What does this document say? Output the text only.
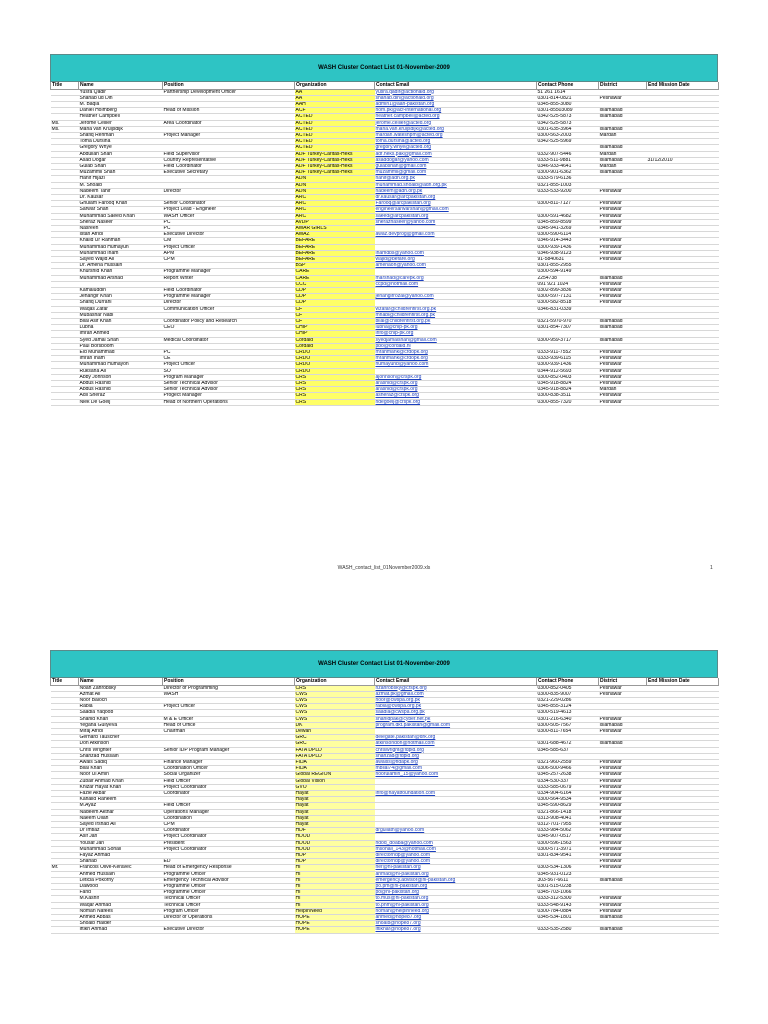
WASH Cluster Contact List 01-November-2009
Title	Name	Position	Organization	Contact Email	Contact Phone	District	End Mission Date
	Yusra Qadir	Partnership Development Officer	AA	yusra.qadir@actionaid.org	51 261 1614		
	Shahab ud Din		AA	shahab.din@actionaid.org	0301-814-0821	Peshawar	
	M. Baqia		AAH	admin1@aah-pakistan.org	0345-855-3080		
	Daniel Holmberg	Head of Mission	ACF	hom.pk@acf-international.org	0301-85503089	Islamabad	
	Heather Campbell		ACTED	heather.campbell@acted.org	0342-525-5873	Islamabad	
Ms.	Jerome Cellier	Area Coordinator	ACTED	jerome.cellier@acted.org	0342-525-5873		
Ms.	Maria van Kruijsdijk		ACTED	maria.van.kruijsdijk@acted.org	0301-635-3964	Islamabad	
	Shafiq Rehman	Project Manager	ACTED	mardan.wateshpm@acted.org	0300-563-2003	Mardan	
	Toma Dursina		ACTED	toma.dursina@acted.org	0342-525-5969		
	Gregory Whye		ACTED	gregory.whye@acted.org		Islamabad	
	Abdullah Shah	Field Supervisor	ADF Turkey-Caritas-Heks	adf.heks.pak@gmail.com	0332-907-5446	Mardan	
	Asad Dogar	Country Representative	ADF Turkey-Caritas-Heks	asaddogar@yahoo.com	0333-511-9881	Islamabad	31/12/2010
	Gulab Shah	Field Coordinator	ADF Turkey-Caritas-Heks	gulabshah@gmail.com	0346-933-4641	Mardan	
	Muzammil Shah	Executive Secretary	ADF Turkey-Caritas-Heks	muzammil@gmail.com	0300-901-6362	Islamabad	
	Hanif Hijazi		ADN	hanif@adn.org.pk	0333-579-6136		
	M. Shoaib		ADN	muhammad.shoaib@adn.org.pk	0321-855-1003		
	Nadeem Tahir	Director	ADN	nadeem@adn.org.pk	0333-533-9200	Peshawar	
	Dr. Kausar		ARC	dr.kausar@arcpakistan.org			
	Ghulam Farooq Khan	Senior Coordinator	ARC	Farooq@arcpakistan.org	0300-811-7127	Peshawar	
	Sarwar Shah	Project Lead - Engineer	ARC	engineersarwarshah@gmail.com		Peshawar	
	Muhammad Saeed Khan	WASH Officer	ARC	saeed@arcpakistan.org	0300-591-4682	Peshawar	
	Sheraz Naseer	PC	AVDP	sherazhaseer@yahoo.com	0345-859-8599	Peshawar	
	Nasreen	PC	AWAR GIRLS		0345-941-3269	Peshawar	
	Istan Afridi	Executive Director	AWAZ	awaz.devprog@gmail.com	0300-590-6114		
	Khalid Ur Rahman	CM	BEFARE		0346-914-3443	Peshawar	
	Muhammad Humayun	Project Officer	BEFARE		0300-939-1436	Peshawar	
	Muhammad Inam	APM	BEFARE	inamdbs@yahoo.com	0346-938-9123	Peshawar	
	Sayed Wajid Ali	CPM	BEFARE	wajid@befare.org	91-5840631	Peshawar	
	Dr. Amena Hussain		BSP	amenaoh@yahoo.com	0301-855-2955		
	Khurshid Khan	Programme Manager	CARE		0300-594-9149		
	Muhammad Arshad	Report Writer	CARE	marshad@carepk.org	2254738	Islamabad	
			CCC	ccpd@hotmail.com	091 921 1024	Peshawar	
	Kamaluddin	Field Coordinator	CDP		0302-899-3836	Peshawar	
	Jehangir Khan	Programme Manager	CDP	jehangirrozai@yahoo.com	0300-597-7131	Peshawar	
	Shafiq Durrani	Director	CDP		0300-582-8518	Peshawar	
	Waqas Zafar	Communication Officer	CF	wzafar@childrenfirst.org.pk	0346-831-0339		
	Mubashar Nabi		CF	mnabi@childrenfirst.org.pk			
	Bilal Asif Khan	Coordinator Policy and Research	CF	bilal@childrenfirst.org.pk	0321-5970-970	Islamabad	
	Lubna	CEO	CHIP	lubna@chip-pk.org	0301-854-7307	Islamabad	
	Imran Ahmed		CHIP	info@chip-pk.org			
	Syed Jamal Shah	Medical Coordinator	Cordaid	syedjamalshah@gmail.com	0300-959-3717	Islamabad	
	Paul Borsboom		Cordaid	pbo@cordaid.nl			
	Eid Muhammad	PC	CRDO	mrahmank@crdopk.org	0333-911-7552	Peshawar	
	Imran Inam	CE	CRDO	mrahmank@crdopk.org	0333-939-6115	Peshawar	
	Muhammad Humayon	Project Officer	CRDO	humayunb@yahoo.com	0300-939-1436	Peshawar	
	Ruksana Ali	SO	CRDO		0344-912-5693	Peshawar	
	Abby Johnson	Program Manager	CRS	ajohnson@crspk.org	0300-852-0403	Peshawar	
	Abdus Rashid	Senior Technical Advisor	CRS	arashid@crspk.org	0345-918-8824	Peshawar	
	Abdus Rashid	Senior Technical Advisor	CRS	arashid@crspk.org	0345-918-8824	Mardan	
	Adil Sheraz	Progect Manager	CRS	asheraz@crspk.org	0300-838-3511	Peshawar	
	Niek De Goeij	Head of Northern Operations	CRS	ndegoeij@crspk.org	0300-855-7320	Peshawar	
WASH_contact_list_01November2009.xls	1
WASH Cluster Contact List 01-November-2009
Title	Name	Position	Organization	Contact Email	Contact Phone	District	End Mission Date
	Noah Zahrobsky	Director of Programming	CRS	nzahrobsky@crspk.org	0300-852-0405	Peshawar	
	Azmat Ali	WASH	CWS	azmat.pk@gmail.com	0300-835-9007	Peshawar	
	Noor Baloch		CWS	noor@cwspa.org.pk	0321-229-0286		
	Rabia	Project Officer	CWS	rabia@cwspa.org.pk	0345-855-3124		
	Saadia Yaqoob		CWS	saadia@cwspa.org.pk	0300-519-4613		
	Shahid Khan	M & E Officer	CWS	shahidpak@cyber.net.pk	0301-216-6340	Peshawar	
	Yegana Guliyeva	Head of Office	DK	program.dkt.pakistan@gmail.com	0300-505-7567	Islamabad	
	Miraj Afridi	Chairman	Dewah		0300-811-7654	Peshawar	
	Gerhard Tauscher		GRC	delegate.pakistan@drk.org			
	Don Atkinson		GRC	atkinsondon@hotmail.com	0301-688-4672	Islamabad	
	Chris Wrighter	Senior IDP Program Manager	FATA DPLD	chriswright@fdpld.org	0345-585-637		
	Shahzad Hussain		FATA DPLD	shahzad@fdpld.org			
	Awais Sadiq	Finance Manager	FIDA	awaiss@fidapk.org	0321-960-2559	Peshawar	
	Bilal Khan	Coordination Officer	FIDA	mbilal74@gmail.com	0306-500-9466	Peshawar	
	Noor Ul Amin	Social Organizer	Global REGION	noorulamin_15@yahoo.com	0345-257-2638	Peshawar	
	Zubair Ahmad Khan	Field Officer	Global Vision		0334-530-337	Peshawar	
	Khizar Hayat Khan	Project Coordinator	GVO		0333-585-0679	Peshawar	
	Fazle Akbar	Coordinator	Hayat	info@hayatfoundation.com	0334-904-6164	Peshawar	
	Kahalid Raheem		Hayat		0300-564-9534	Peshawar	
	M.Ayaz	Field Officer	Hayat		0345-590-8629	Peshawar	
	Nadeem Akthar	Operations Manager	Hayat		0321-866-1418	Peshawar	
	Naeem Ullah	Coordination	Hayat		0313-908-4041	Peshawar	
	Sayed Irshad Ali	CPM	Hayat		0312-701-7955	Peshawar	
	Dr Imtiaz	Coordinator	HDF	drguliath@yahoo.com	0333-984-5062	Peshawar	
	Asif Jan	Project Coordinator	HDOD		0345-907-0517	Peshawar	
	Yousaf Jan	President	HDOD	hdod_doaba@yahoo.com	0300-596-1563	Peshawar	
	Muhammad Sohail	Project Coordinator	HDOD	msohail_143@hotmail.com	0300-571-3971	Peshawar	
	Fayaz Ahmad		HDP	directorhdp@yahoo.com	0301-834-9541	Peshawar	
	Shahab	ED	HDP	directorhdp@yahoo.com		Peshawar	
Mr.	Francois Olive-Keravec	Head of Emergency Response	HI	her@hi-pakistan.org	0303-534-1306	Peshawar	
	Ahmed Hussain	Programme Officer	HI	ahmad@hi-pakistan.org	0345-931-0123		
	Leticia Pokorny	Emergency Technical Advisor	HI	emergency.advisor@hi-pakistan.org	303-567-6611	Islamabad	
	Dawood	Programme Officer	HI	po.pm@hi-pakistan.org	0301-515-0238		
	Farid	Programme Officer	HI	po@hi-pakistan.org	0345-703-1066		
	M.Kashif	Technical Officer	HI	to.mus@hi-pakistan.org	0333-312-5300	Peshawar	
	Waqar Ahmad	Technical Officer	HI	to.phm@hi-pakistan.org	0333-548-9143	Peshawar	
	Noman Nafees	Program Officer	HelpInNeed	noman@helpinneed.org	0300-784-0884	Peshawar	
	Ahmed Abbas	Director of Operations	HOPE	ahmed@hope87.org	0345-534-1801	Islamabad	
	Shoaib Haider		HOPE	shoaib@hope87.org			
	Iftikh Ahmad	Executive Director	HOPE	iftikhar@hope87.org	0333-535-2580	Islamabad	
